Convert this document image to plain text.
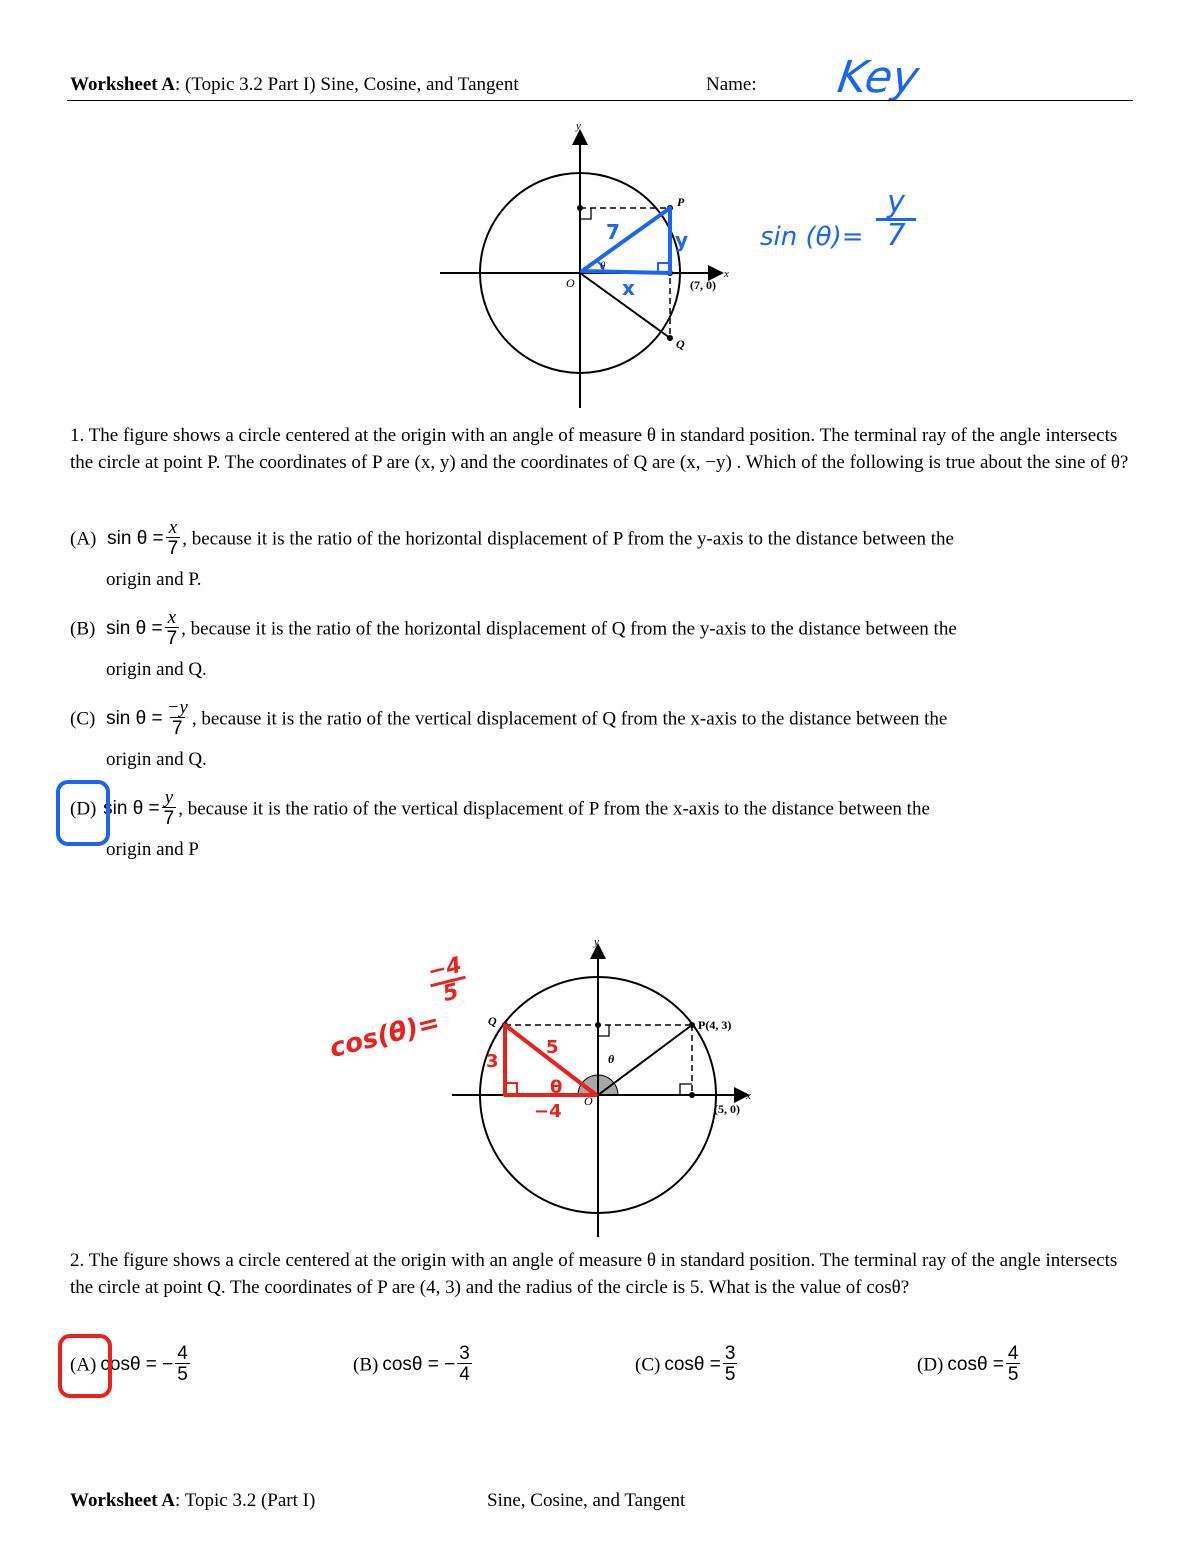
Worksheet A: (Topic 3.2 Part I) Sine, Cosine, and Tangent	Name: Key
θ
7	y
x
y
x
O
P
Q
(7, 0)
sin (θ)=
y
7
1. The figure shows a circle centered at the origin with an angle of measure θ in standard position. The terminal ray of the angle intersects the circle at point P. The coordinates of P are (x, y) and the coordinates of Q are (x, −y) . Which of the following is true about the sine of θ?
(A) $\sin \theta = \frac{x}{7}$ , because it is the ratio of the horizontal displacement of P from the y-axis to the distance between the
origin and P.
(B) $\sin \theta = \frac{x}{7}$ , because it is the ratio of the horizontal displacement of Q from the y-axis to the distance between the
origin and Q.
(C) $\sin \theta = \frac{-y}{7}$ , because it is the ratio of the vertical displacement of Q from the x-axis to the distance between the
origin and Q.
(D) $\sin \theta = \frac{y}{7}$ , because it is the ratio of the vertical displacement of P from the x-axis to the distance between the
origin and P
3
5
θ
−4
y
x
O
θ
P(4, 3)
Q
(5, 0)
cos(θ)=
−4
5
2. The figure shows a circle centered at the origin with an angle of measure θ in standard position. The terminal ray of the angle intersects the circle at point Q. The coordinates of P are (4, 3) and the radius of the circle is 5. What is the value of cosθ?
(A) cosθ = − $\frac{4}{5}$	(B) cosθ = − $\frac{3}{4}$	(C) $\cos\theta = \frac{3}{5}$	(D) $\cos\theta = \frac{4}{5}$
Worksheet A: Topic 3.2 (Part I)	Sine, Cosine, and Tangent
